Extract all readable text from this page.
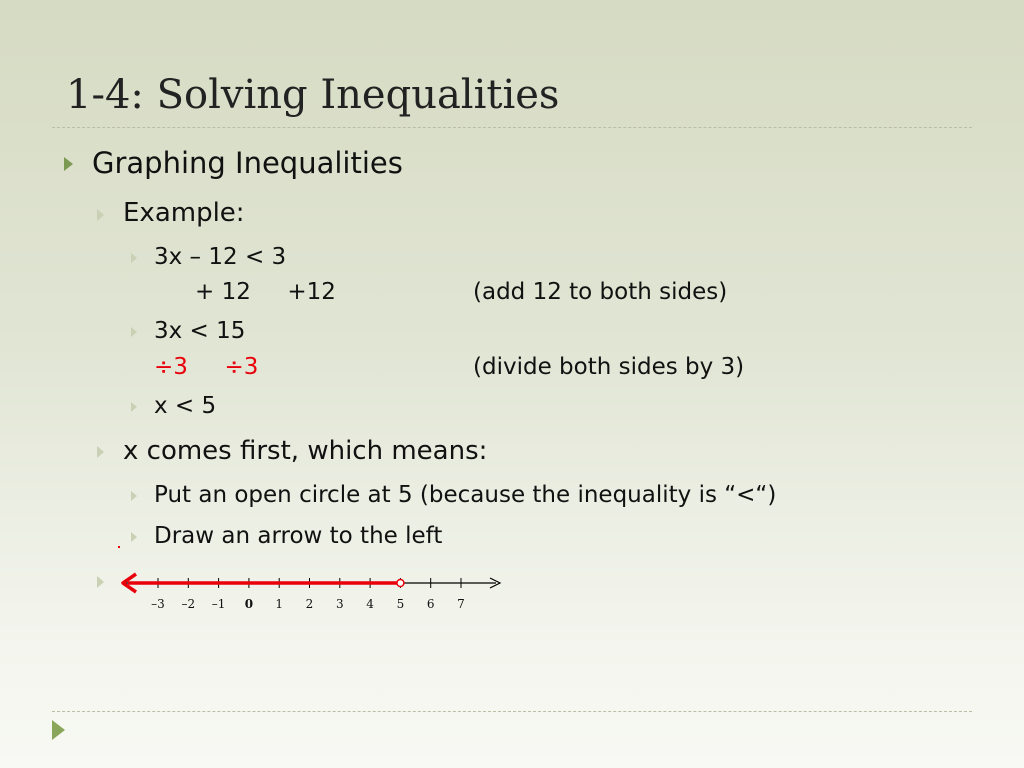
1-4: Solving Inequalities
Graphing Inequalities
Example:
3x – 12 < 3
+ 12     +12	(add 12 to both sides)
3x < 15
÷3     ÷3	(divide both sides by 3)
x < 5
x comes first, which means:
Put an open circle at 5 (because the inequality is “<“)
Draw an arrow to the left
–3 –2 –1 0 1 2 3 4 5 6 7
